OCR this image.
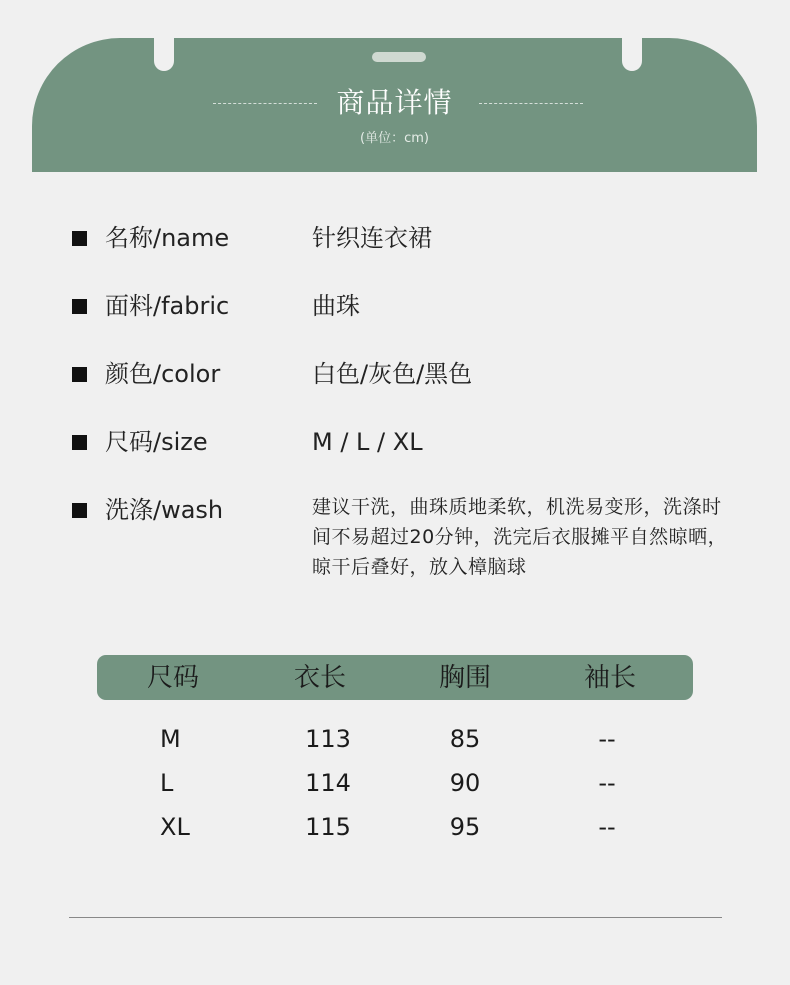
商品详情
(单位：cm)
名称/name	针织连衣裙
面料/fabric	曲珠
颜色/color	白色/灰色/黑色
尺码/size	M / L / XL
洗涤/wash	建议干洗，曲珠质地柔软，机洗易变形，洗涤时间不易超过20分钟，洗完后衣服摊平自然晾晒，晾干后叠好，放入樟脑球
尺码	衣长	胸围	袖长
M	113	85	--
L	114	90	--
XL	115	95	--
